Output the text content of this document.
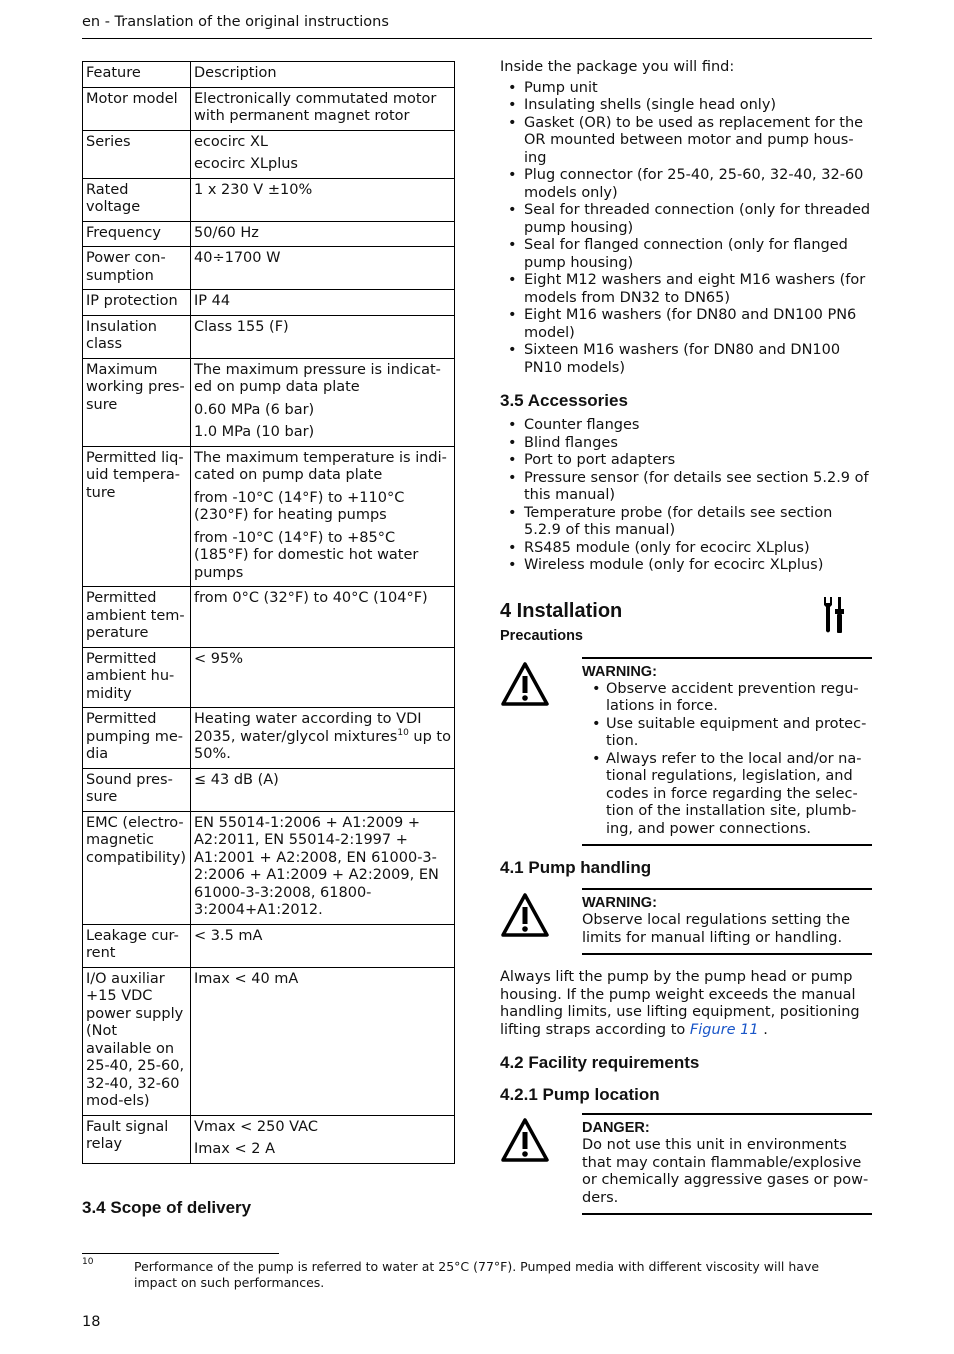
en - Translation of the original instructions
Feature	Description
Motor model	Electronically commutated motor with permanent magnet rotor

Series	ecocirc XL
ecocirc XLplus

Rated voltage	1 x 230 V ±10%

Frequency	50/60 Hz

Power con-sumption	40÷1700 W

IP protection	IP 44

Insulation class	Class 155 (F)

Maximum working pres-sure	The maximum pressure is indicat-ed on pump data plate
0.60 MPa (6 bar)
1.0 MPa (10 bar)

Permitted liq-uid tempera-ture	The maximum temperature is indi-cated on pump data plate
from -10°C (14°F) to +110°C (230°F) for heating pumps
from -10°C (14°F) to +85°C (185°F) for domestic hot water pumps

Permitted ambient tem-perature	from 0°C (32°F) to 40°C (104°F)

Permitted ambient hu-midity	< 95%

Permitted pumping me-dia	Heating water according to VDI 2035, water/glycol mixtures$^{10}$ up to 50%.
Sound pres-sure	≤ 43 dB (A)

EMC (electro-magnetic compatibility)	EN 55014-1:2006 + A1:2009 + A2:2011, EN 55014-2:1997 + A1:2001 + A2:2008, EN 61000-3-2:2006 + A1:2009 + A2:2009, EN 61000-3-3:2008, 61800-3:2004+A1:2012.

Leakage cur-rent	< 3.5 mA

I/O auxiliar +15 VDC power supply (Not available on 25-40, 25-60, 32-40, 32-60 mod-els)	Imax < 40 mA

Fault signal relay	Vmax < 250 VAC
Imax < 2 A
3.4 Scope of delivery

Inside the package you will find:

• Pump unit
• Insulating shells (single head only)
• Gasket (OR) to be used as replacement for the OR mounted between motor and pump hous-ing
• Plug connector (for 25-40, 25-60, 32-40, 32-60 models only)
• Seal for threaded connection (only for threaded pump housing)
• Seal for flanged connection (only for flanged pump housing)
• Eight M12 washers and eight M16 washers (for models from DN32 to DN65)
• Eight M16 washers (for DN80 and DN100 PN6 model)
• Sixteen M16 washers (for DN80 and DN100 PN10 models)
3.5 Accessories
• Counter flanges
• Blind flanges
• Port to port adapters
• Pressure sensor (for details see section 5.2.9 of this manual)
• Temperature probe (for details see section 5.2.9 of this manual)
• RS485 module (only for ecocirc XLplus)
• Wireless module (only for ecocirc XLplus)
4 Installation
Precautions
WARNING:
• Observe accident prevention regu-lations in force.
• Use suitable equipment and protec-tion.
• Always refer to the local and/or na-tional regulations, legislation, and codes in force regarding the selec-tion of the installation site, plumb-ing, and power connections.
4.1 Pump handling
WARNING:
Observe local regulations setting the limits for manual lifting or handling.

Always lift the pump by the pump head or pump housing. If the pump weight exceeds the manual handling limits, use lifting equipment, positioning lifting straps according to Figure 11 .

4.2 Facility requirements
4.2.1 Pump location
DANGER:
Do not use this unit in environments that may contain flammable/explosive or chemically aggressive gases or pow-ders.
10	Performance of the pump is referred to water at 25°C (77°F). Pumped media with different viscosity will have impact on such performances.
18
